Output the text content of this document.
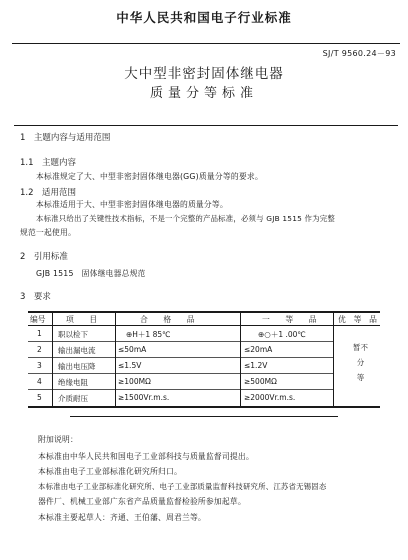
中华人民共和国电子行业标准
SJ/T 9560.24－93
大中型非密封固体继电器
质量分等标准
1　主题内容与适用范围
1.1　主题内容
本标准规定了大、中型非密封固体继电器(GG)质量分等的要求。
1.2　适用范围
本标准适用于大、中型非密封固体继电器的质量分等。
本标准只给出了关键性技术指标，不是一个完整的产品标准，必须与 GJB 1515 作为完整
规范一起使用。
2　引用标准
GJB 1515　固体继电器总规范
3　要求
编号	项　　目	合　　格　　品	一　　等　　品	优　等　品
1 职以检下	⊕H＋1 85℃	⊕○＋1 .00℃
2 输出漏电流	≤50mA	≤20mA
3 输出电压降	≤1.5V	≤1.2V
4 绝缘电阻	≥100MΩ	≥500MΩ
5 介质耐压	≥1500Vr.m.s.	≥2000Vr.m.s.
暂不
分
等
附加说明：
本标准由中华人民共和国电子工业部科技与质量监督司提出。
本标准由电子工业部标准化研究所归口。
本标准由电子工业部标准化研究所、电子工业部质量监督科技研究所、江苏省无锡固态
器件厂、机械工业部广东省产品质量监督检验所参加起草。
本标准主要起草人：齐通、王伯藩、周君兰等。
